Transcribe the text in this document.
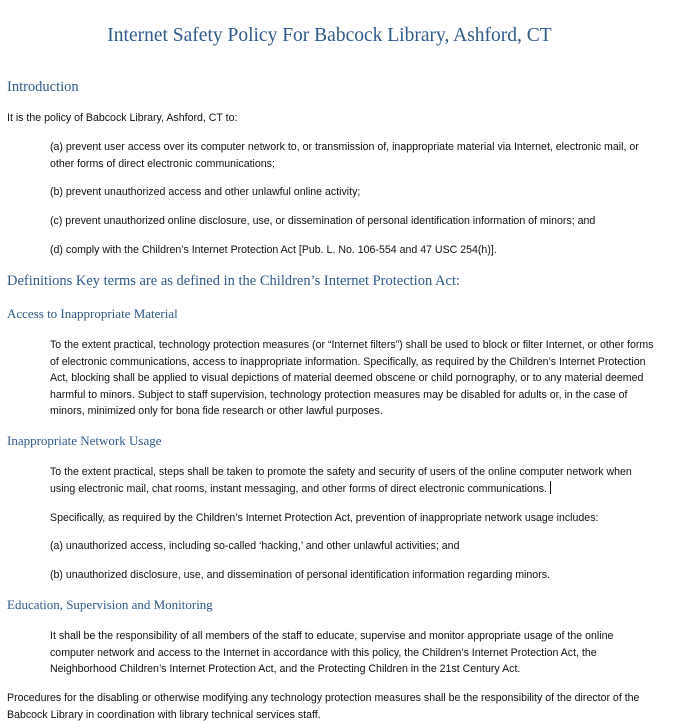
Internet Safety Policy For Babcock Library, Ashford, CT
Introduction
It is the policy of Babcock Library, Ashford, CT to:
(a) prevent user access over its computer network to, or transmission of, inappropriate material via Internet, electronic mail, or other forms of direct electronic communications;
(b) prevent unauthorized access and other unlawful online activity;
(c) prevent unauthorized online disclosure, use, or dissemination of personal identification information of minors; and
(d) comply with the Children’s Internet Protection Act [Pub. L. No. 106-554 and 47 USC 254(h)].
Definitions Key terms are as defined in the Children’s Internet Protection Act:
Access to Inappropriate Material
To the extent practical, technology protection measures (or “Internet filters”) shall be used to block or filter Internet, or other forms of electronic communications, access to inappropriate information. Specifically, as required by the Children’s Internet Protection Act, blocking shall be applied to visual depictions of material deemed obscene or child pornography, or to any material deemed harmful to minors. Subject to staff supervision, technology protection measures may be disabled for adults or, in the case of minors, minimized only for bona fide research or other lawful purposes.
Inappropriate Network Usage
To the extent practical, steps shall be taken to promote the safety and security of users of the online computer network when using electronic mail, chat rooms, instant messaging, and other forms of direct electronic communications.
Specifically, as required by the Children’s Internet Protection Act, prevention of inappropriate network usage includes:
(a) unauthorized access, including so-called ‘hacking,’ and other unlawful activities; and
(b) unauthorized disclosure, use, and dissemination of personal identification information regarding minors.
Education, Supervision and Monitoring
It shall be the responsibility of all members of the staff to educate, supervise and monitor appropriate usage of the online computer network and access to the Internet in accordance with this policy, the Children’s Internet Protection Act, the Neighborhood Children’s Internet Protection Act, and the Protecting Children in the 21st Century Act.
Procedures for the disabling or otherwise modifying any technology protection measures shall be the responsibility of the director of the Babcock Library in coordination with library technical services staff.
